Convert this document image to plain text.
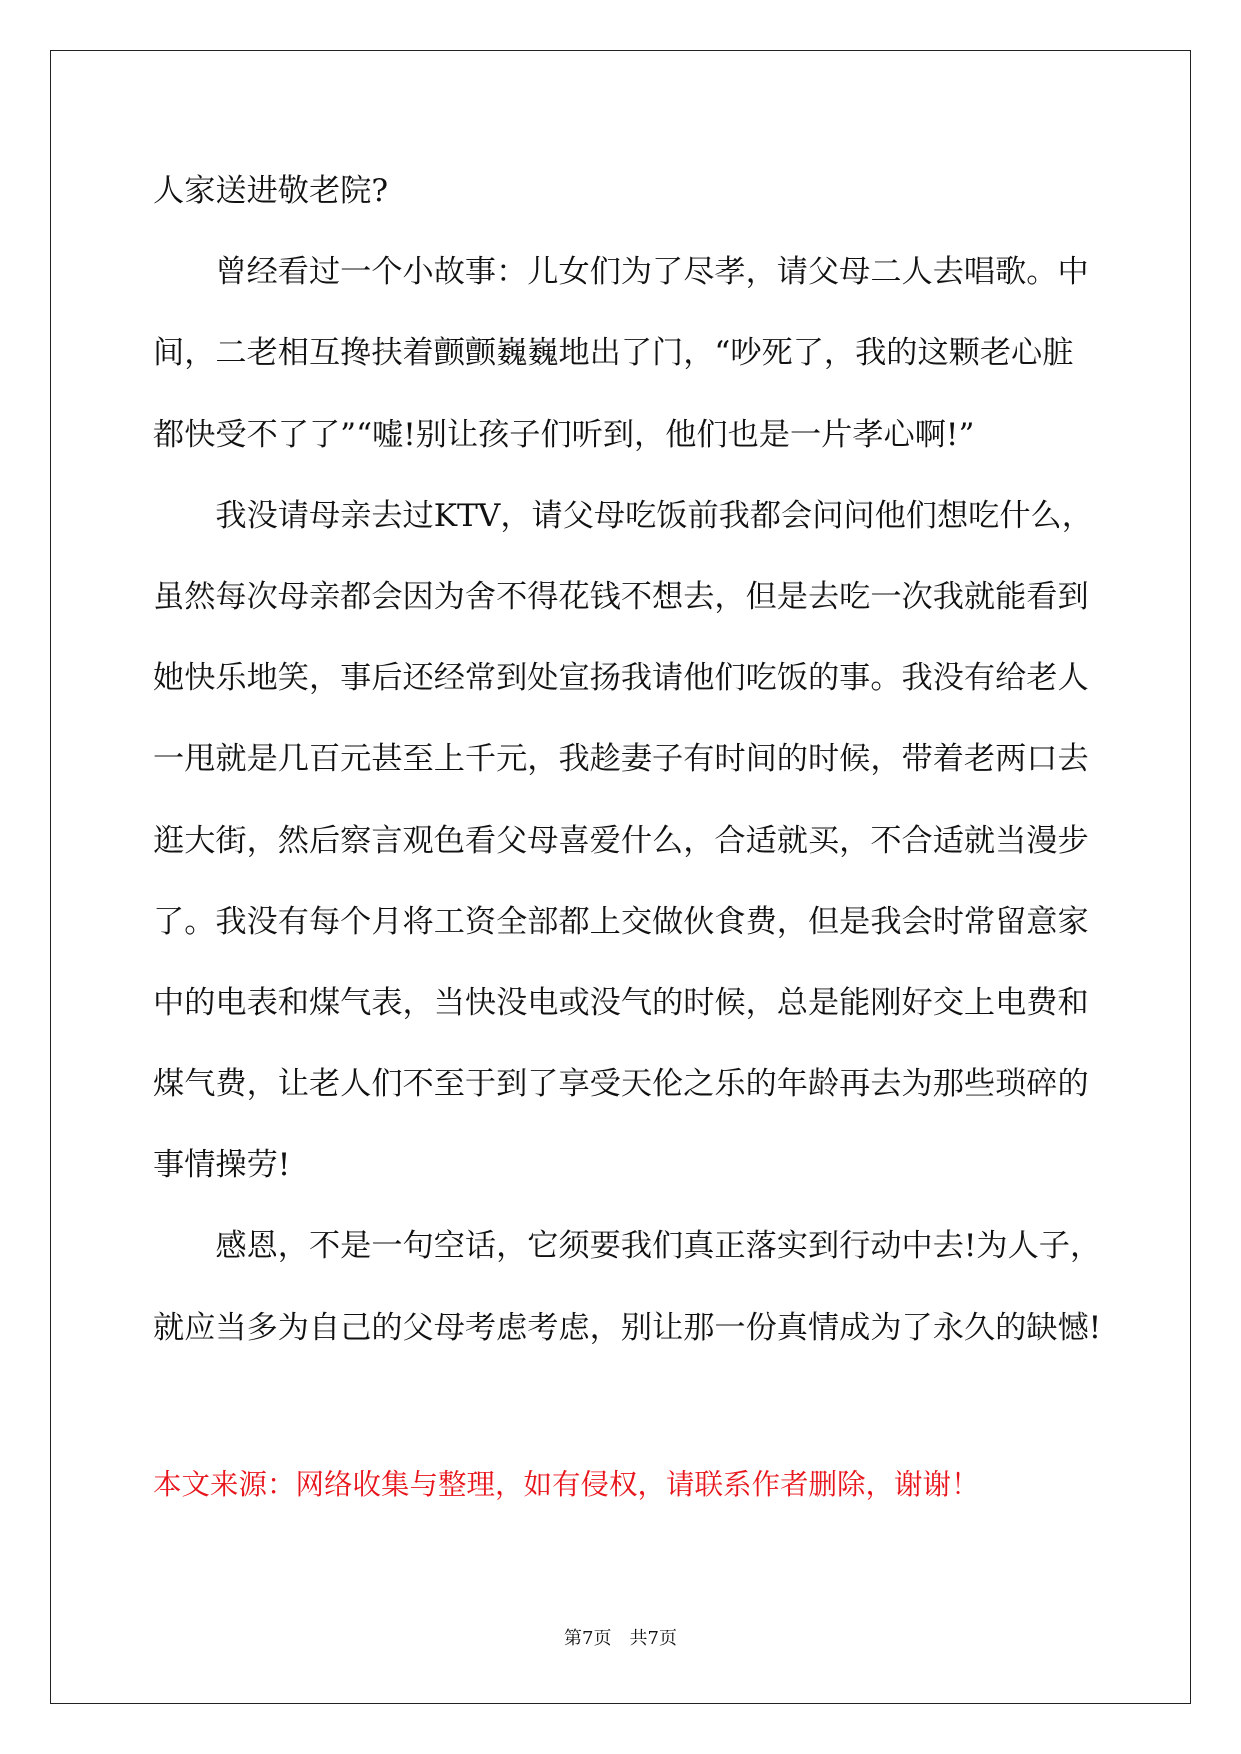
人家送进敬老院?
曾经看过一个小故事：儿女们为了尽孝，请父母二人去唱歌。中
间，二老相互搀扶着颤颤巍巍地出了门，“吵死了，我的这颗老心脏
都快受不了了”“嘘!别让孩子们听到，他们也是一片孝心啊!”
我没请母亲去过KTV，请父母吃饭前我都会问问他们想吃什么，
虽然每次母亲都会因为舍不得花钱不想去，但是去吃一次我就能看到
她快乐地笑，事后还经常到处宣扬我请他们吃饭的事。我没有给老人
一甩就是几百元甚至上千元，我趁妻子有时间的时候，带着老两口去
逛大街，然后察言观色看父母喜爱什么，合适就买，不合适就当漫步
了。我没有每个月将工资全部都上交做伙食费，但是我会时常留意家
中的电表和煤气表，当快没电或没气的时候，总是能刚好交上电费和
煤气费，让老人们不至于到了享受天伦之乐的年龄再去为那些琐碎的
事情操劳!
感恩，不是一句空话，它须要我们真正落实到行动中去!为人子，
就应当多为自己的父母考虑考虑，别让那一份真情成为了永久的缺憾!
本文来源：网络收集与整理，如有侵权，请联系作者删除，谢谢！
第7页 共7页
